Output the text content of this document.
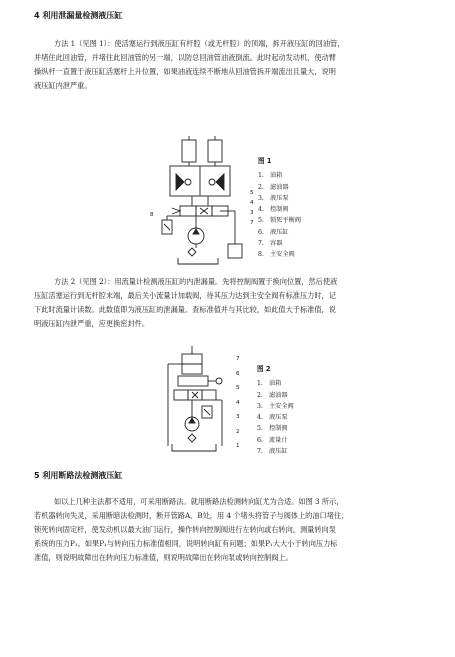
4 利用泄漏量检测液压缸

方法 1（见图 1）：使活塞运行到液压缸有杆腔（或无杆腔）的顶端，拆开液压缸的回油管，

并堵住此回油管，并堵住此回油管的另一端，以防总回油管油液倒流。此时起动发动机，使动臂

操纵杆一直置于液压缸活塞杆上升位置，如果油液连续不断地从回油管拆开端流出且量大，说明

液压缸内泄严重。

5
4
3
7
8
图 1
1. 油箱
2. 滤油器
3. 液压泵
4. 控制阀
5. 锁死平衡阀
6. 液压缸
7. 容器
8. 主安全阀

方法 2（见图 2）：用流量计检测液压缸的内泄漏量。先将控制阀置于换向位置，然后使液

压缸活塞运行到无杆腔末端，最后关小流量计加载阀，待其压力达到主安全阀有标准压力时，记

下此时流量计读数。此数值即为液压缸的泄漏量。查标准值并与其比较，如此值大于标准值，说

明液压缸内泄严重，应更换密封件。

7
6
5
4
3
2
1
图 2
1. 油箱
2. 滤油器
3. 主安全阀
4. 液压泵
5. 控制阀
6. 流量计
7. 液压缸
5 利用断路法检测液压缸

如以上几种主法都不适用，可采用断路法。就用断路法检测转向缸尤为合适。如图 3 所示，

若机器转向失灵，采用断暗法检测时，断开管路A、B处，用 4 个堵头将管子与阀体上的油口堵住；

锁死转向固定杆，使发动机以最大油门运行，操作转向控制阀进行左转向或右转向，测量转向泵

系统的压力P₁。如果P₁与转向压力标准值相同，说明转向缸有问题；如果P₁大大小于转向压力标

准值，则说明故障出在转向压力标准值，则说明故障出在转向泵或转向控制阀上。
